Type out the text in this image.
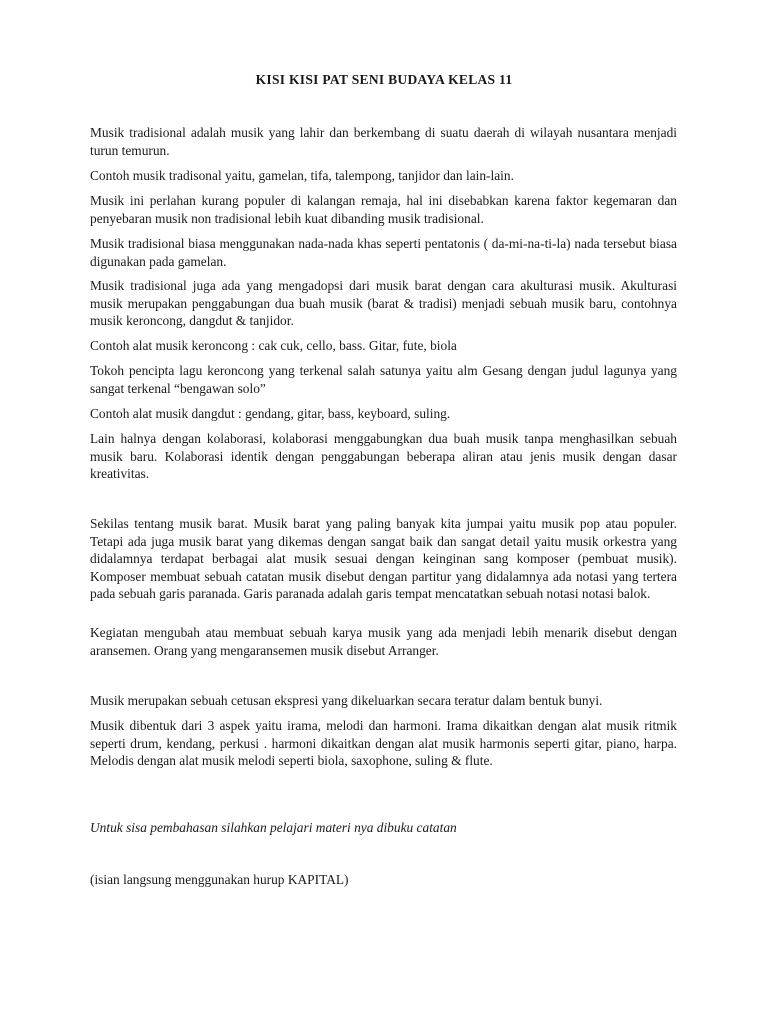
KISI KISI PAT SENI BUDAYA KELAS 11

Musik tradisional adalah musik yang lahir dan berkembang di suatu daerah di wilayah nusantara menjadi turun temurun.

Contoh musik tradisonal yaitu, gamelan, tifa, talempong, tanjidor dan lain-lain.

Musik ini perlahan kurang populer di kalangan remaja, hal ini disebabkan karena faktor kegemaran dan penyebaran musik non tradisional lebih kuat dibanding musik tradisional.

Musik tradisional biasa menggunakan nada-nada khas seperti pentatonis ( da-mi-na-ti-la) nada tersebut biasa digunakan pada gamelan.

Musik tradisional juga ada yang mengadopsi dari musik barat dengan cara akulturasi musik. Akulturasi musik merupakan penggabungan dua buah musik (barat & tradisi) menjadi sebuah musik baru, contohnya musik keroncong, dangdut & tanjidor.

Contoh alat musik keroncong : cak cuk, cello, bass. Gitar, fute, biola

Tokoh pencipta lagu keroncong yang terkenal salah satunya yaitu alm Gesang dengan judul lagunya yang sangat terkenal “bengawan solo”

Contoh alat musik dangdut : gendang, gitar, bass, keyboard, suling.

Lain halnya dengan kolaborasi, kolaborasi menggabungkan dua buah musik tanpa menghasilkan sebuah musik baru. Kolaborasi identik dengan penggabungan beberapa aliran atau jenis musik dengan dasar kreativitas.

Sekilas tentang musik barat. Musik barat yang paling banyak kita jumpai yaitu musik pop atau populer. Tetapi ada juga musik barat yang dikemas dengan sangat baik dan sangat detail yaitu musik orkestra yang didalamnya terdapat berbagai alat musik sesuai dengan keinginan sang komposer (pembuat musik). Komposer membuat sebuah catatan musik disebut dengan partitur yang didalamnya ada notasi yang tertera pada sebuah garis paranada. Garis paranada adalah garis tempat mencatatkan sebuah notasi notasi balok.

Kegiatan mengubah atau membuat sebuah karya musik yang ada menjadi lebih menarik disebut dengan aransemen. Orang yang mengaransemen musik disebut Arranger.

Musik merupakan sebuah cetusan ekspresi yang dikeluarkan secara teratur dalam bentuk bunyi.

Musik dibentuk dari 3 aspek yaitu irama, melodi dan harmoni. Irama dikaitkan dengan alat musik ritmik seperti drum, kendang, perkusi . harmoni dikaitkan dengan alat musik harmonis seperti gitar, piano, harpa. Melodis dengan alat musik melodi seperti biola, saxophone, suling & flute.

Untuk sisa pembahasan silahkan pelajari materi nya dibuku catatan

(isian langsung menggunakan hurup KAPITAL)
